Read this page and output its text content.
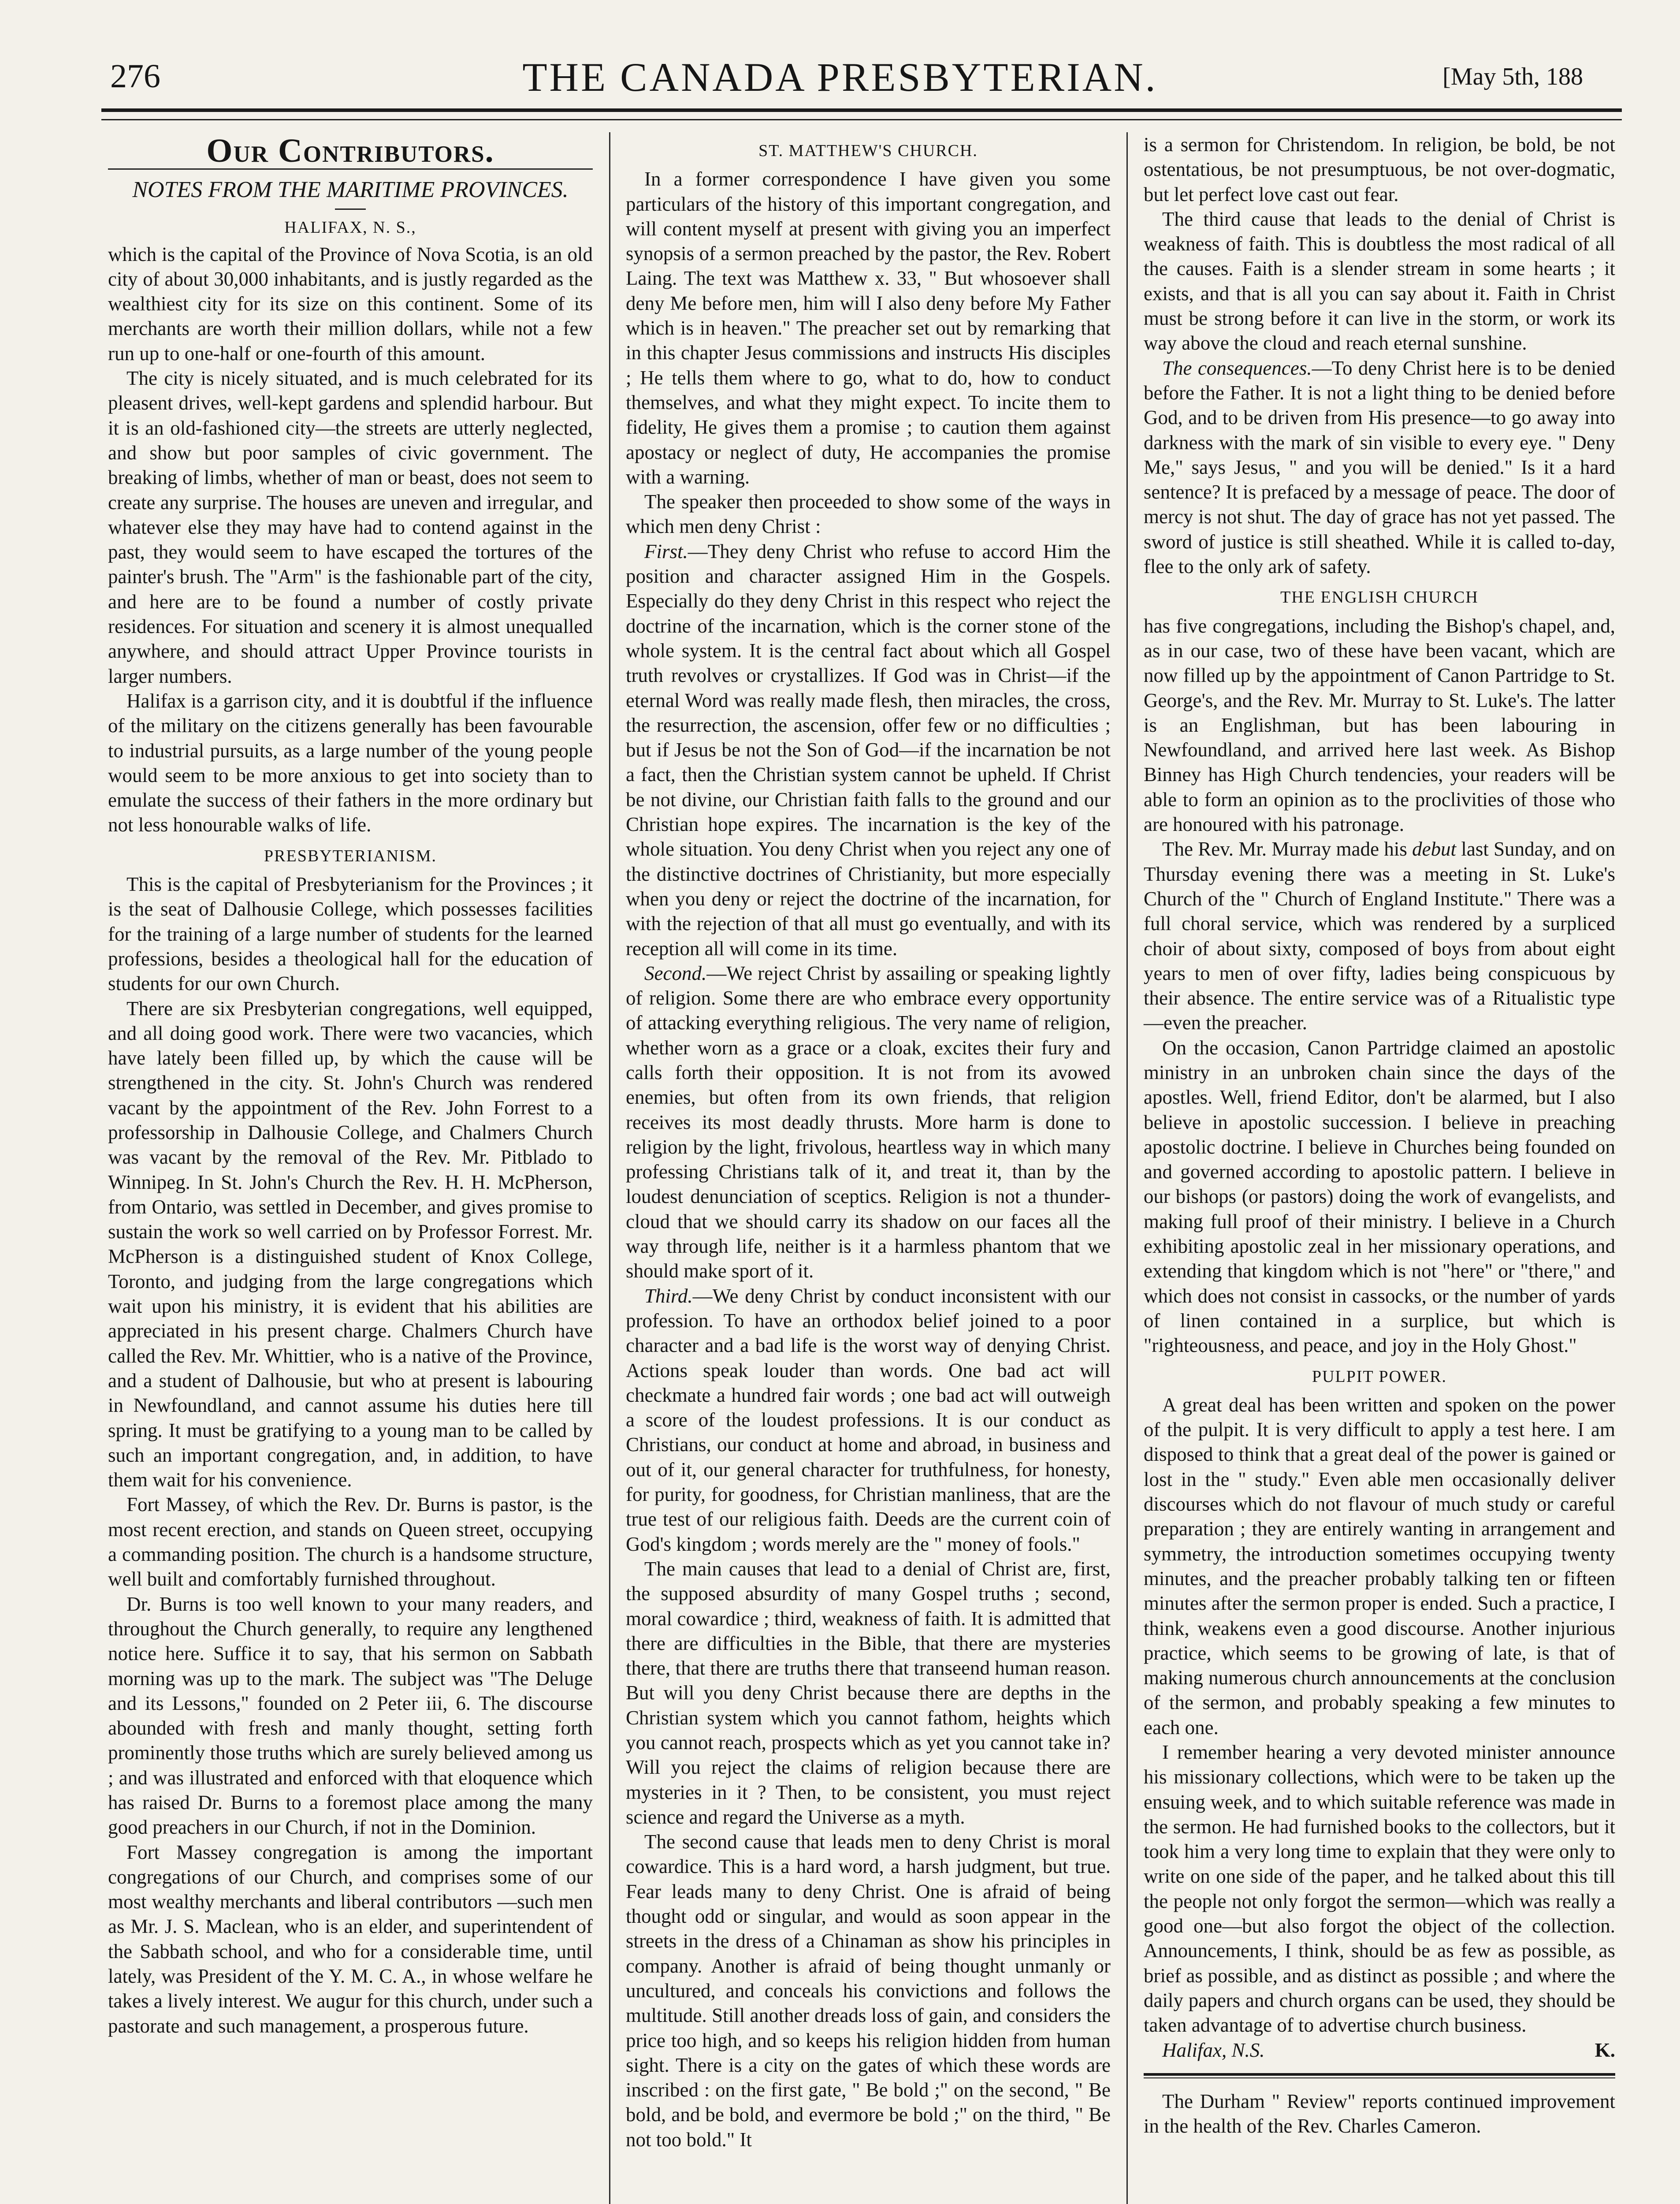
276	THE CANADA PRESBYTERIAN.	[May 5th, 188
Our Contributors.
NOTES FROM THE MARITIME PROVINCES.
HALIFAX, N. S.,

which is the capital of the Province of Nova Scotia, is an old city of about 30,000 inhabitants, and is justly regarded as the wealthiest city for its size on this continent. Some of its merchants are worth their million dollars, while not a few run up to one-half or one-fourth of this amount.

The city is nicely situated, and is much celebrated for its pleasent drives, well-kept gardens and splendid harbour. But it is an old-fashioned city—the streets are utterly neglected, and show but poor samples of civic government. The breaking of limbs, whether of man or beast, does not seem to create any surprise. The houses are uneven and irregular, and whatever else they may have had to contend against in the past, they would seem to have escaped the tortures of the painter's brush. The "Arm" is the fashionable part of the city, and here are to be found a number of costly private residences. For situation and scenery it is almost unequalled anywhere, and should attract Upper Province tourists in larger numbers.

Halifax is a garrison city, and it is doubtful if the influence of the military on the citizens generally has been favourable to industrial pursuits, as a large number of the young people would seem to be more anxious to get into society than to emulate the success of their fathers in the more ordinary but not less honourable walks of life.

PRESBYTERIANISM.

This is the capital of Presbyterianism for the Provinces ; it is the seat of Dalhousie College, which possesses facilities for the training of a large number of students for the learned professions, besides a theological hall for the education of students for our own Church.

There are six Presbyterian congregations, well equipped, and all doing good work. There were two vacancies, which have lately been filled up, by which the cause will be strengthened in the city. St. John's Church was rendered vacant by the appointment of the Rev. John Forrest to a professorship in Dalhousie College, and Chalmers Church was vacant by the removal of the Rev. Mr. Pitblado to Winnipeg. In St. John's Church the Rev. H. H. McPherson, from Ontario, was settled in December, and gives promise to sustain the work so well carried on by Professor Forrest. Mr. McPherson is a distinguished student of Knox College, Toronto, and judging from the large congregations which wait upon his ministry, it is evident that his abilities are appreciated in his present charge. Chalmers Church have called the Rev. Mr. Whittier, who is a native of the Province, and a student of Dalhousie, but who at present is labouring in Newfoundland, and cannot assume his duties here till spring. It must be gratifying to a young man to be called by such an important congregation, and, in addition, to have them wait for his convenience.

Fort Massey, of which the Rev. Dr. Burns is pastor, is the most recent erection, and stands on Queen street, occupying a commanding position. The church is a handsome structure, well built and comfortably furnished throughout.

Dr. Burns is too well known to your many readers, and throughout the Church generally, to require any lengthened notice here. Suffice it to say, that his sermon on Sabbath morning was up to the mark. The subject was "The Deluge and its Lessons," founded on 2 Peter iii, 6. The discourse abounded with fresh and manly thought, setting forth prominently those truths which are surely believed among us ; and was illustrated and enforced with that eloquence which has raised Dr. Burns to a foremost place among the many good preachers in our Church, if not in the Dominion.

Fort Massey congregation is among the important congregations of our Church, and comprises some of our most wealthy merchants and liberal contributors —such men as Mr. J. S. Maclean, who is an elder, and superintendent of the Sabbath school, and who for a considerable time, until lately, was President of the Y. M. C. A., in whose welfare he takes a lively interest. We augur for this church, under such a pastorate and such management, a prosperous future.

ST. MATTHEW'S CHURCH.

In a former correspondence I have given you some particulars of the history of this important congregation, and will content myself at present with giving you an imperfect synopsis of a sermon preached by the pastor, the Rev. Robert Laing. The text was Matthew x. 33, " But whosoever shall deny Me before men, him will I also deny before My Father which is in heaven." The preacher set out by remarking that in this chapter Jesus commissions and instructs His disciples ; He tells them where to go, what to do, how to conduct themselves, and what they might expect. To incite them to fidelity, He gives them a promise ; to caution them against apostacy or neglect of duty, He accompanies the promise with a warning.

The speaker then proceeded to show some of the ways in which men deny Christ :

First.—They deny Christ who refuse to accord Him the position and character assigned Him in the Gospels. Especially do they deny Christ in this respect who reject the doctrine of the incarnation, which is the corner stone of the whole system. It is the central fact about which all Gospel truth revolves or crystallizes. If God was in Christ—if the eternal Word was really made flesh, then miracles, the cross, the resurrection, the ascension, offer few or no difficulties ; but if Jesus be not the Son of God—if the incarnation be not a fact, then the Christian system cannot be upheld. If Christ be not divine, our Christian faith falls to the ground and our Christian hope expires. The incarnation is the key of the whole situation. You deny Christ when you reject any one of the distinctive doctrines of Christianity, but more especially when you deny or reject the doctrine of the incarnation, for with the rejection of that all must go eventually, and with its reception all will come in its time.

Second.—We reject Christ by assailing or speaking lightly of religion. Some there are who embrace every opportunity of attacking everything religious. The very name of religion, whether worn as a grace or a cloak, excites their fury and calls forth their opposition. It is not from its avowed enemies, but often from its own friends, that religion receives its most deadly thrusts. More harm is done to religion by the light, frivolous, heartless way in which many professing Christians talk of it, and treat it, than by the loudest denunciation of sceptics. Religion is not a thunder-cloud that we should carry its shadow on our faces all the way through life, neither is it a harmless phantom that we should make sport of it.

Third.—We deny Christ by conduct inconsistent with our profession. To have an orthodox belief joined to a poor character and a bad life is the worst way of denying Christ. Actions speak louder than words. One bad act will checkmate a hundred fair words ; one bad act will outweigh a score of the loudest professions. It is our conduct as Christians, our conduct at home and abroad, in business and out of it, our general character for truthfulness, for honesty, for purity, for goodness, for Christian manliness, that are the true test of our religious faith. Deeds are the current coin of God's kingdom ; words merely are the " money of fools."

The main causes that lead to a denial of Christ are, first, the supposed absurdity of many Gospel truths ; second, moral cowardice ; third, weakness of faith. It is admitted that there are difficulties in the Bible, that there are mysteries there, that there are truths there that transeend human reason. But will you deny Christ because there are depths in the Christian system which you cannot fathom, heights which you cannot reach, prospects which as yet you cannot take in? Will you reject the claims of religion because there are mysteries in it ? Then, to be consistent, you must reject science and regard the Universe as a myth.

The second cause that leads men to deny Christ is moral cowardice. This is a hard word, a harsh judgment, but true. Fear leads many to deny Christ. One is afraid of being thought odd or singular, and would as soon appear in the streets in the dress of a Chinaman as show his principles in company. Another is afraid of being thought unmanly or uncultured, and conceals his convictions and follows the multitude. Still another dreads loss of gain, and considers the price too high, and so keeps his religion hidden from human sight. There is a city on the gates of which these words are inscribed : on the first gate, " Be bold ;" on the second, " Be bold, and be bold, and evermore be bold ;" on the third, " Be not too bold." It

is a sermon for Christendom. In religion, be bold, be not ostentatious, be not presumptuous, be not over-dogmatic, but let perfect love cast out fear.

The third cause that leads to the denial of Christ is weakness of faith. This is doubtless the most radical of all the causes. Faith is a slender stream in some hearts ; it exists, and that is all you can say about it. Faith in Christ must be strong before it can live in the storm, or work its way above the cloud and reach eternal sunshine.

The consequences.—To deny Christ here is to be denied before the Father. It is not a light thing to be denied before God, and to be driven from His presence—to go away into darkness with the mark of sin visible to every eye. " Deny Me," says Jesus, " and you will be denied." Is it a hard sentence? It is prefaced by a message of peace. The door of mercy is not shut. The day of grace has not yet passed. The sword of justice is still sheathed. While it is called to-day, flee to the only ark of safety.

THE ENGLISH CHURCH

has five congregations, including the Bishop's chapel, and, as in our case, two of these have been vacant, which are now filled up by the appointment of Canon Partridge to St. George's, and the Rev. Mr. Murray to St. Luke's. The latter is an Englishman, but has been labouring in Newfoundland, and arrived here last week. As Bishop Binney has High Church tendencies, your readers will be able to form an opinion as to the proclivities of those who are honoured with his patronage.

The Rev. Mr. Murray made his debut last Sunday, and on Thursday evening there was a meeting in St. Luke's Church of the " Church of England Institute." There was a full choral service, which was rendered by a surpliced choir of about sixty, composed of boys from about eight years to men of over fifty, ladies being conspicuous by their absence. The entire service was of a Ritualistic type—even the preacher.

On the occasion, Canon Partridge claimed an apostolic ministry in an unbroken chain since the days of the apostles. Well, friend Editor, don't be alarmed, but I also believe in apostolic succession. I believe in preaching apostolic doctrine. I believe in Churches being founded on and governed according to apostolic pattern. I believe in our bishops (or pastors) doing the work of evangelists, and making full proof of their ministry. I believe in a Church exhibiting apostolic zeal in her missionary operations, and extending that kingdom which is not "here" or "there," and which does not consist in cassocks, or the number of yards of linen contained in a surplice, but which is "righteousness, and peace, and joy in the Holy Ghost."

PULPIT POWER.

A great deal has been written and spoken on the power of the pulpit. It is very difficult to apply a test here. I am disposed to think that a great deal of the power is gained or lost in the " study." Even able men occasionally deliver discourses which do not flavour of much study or careful preparation ; they are entirely wanting in arrangement and symmetry, the introduction sometimes occupying twenty minutes, and the preacher probably talking ten or fifteen minutes after the sermon proper is ended. Such a practice, I think, weakens even a good discourse. Another injurious practice, which seems to be growing of late, is that of making numerous church announcements at the conclusion of the sermon, and probably speaking a few minutes to each one.

I remember hearing a very devoted minister announce his missionary collections, which were to be taken up the ensuing week, and to which suitable reference was made in the sermon. He had furnished books to the collectors, but it took him a very long time to explain that they were only to write on one side of the paper, and he talked about this till the people not only forgot the sermon—which was really a good one—but also forgot the object of the collection. Announcements, I think, should be as few as possible, as brief as possible, and as distinct as possible ; and where the daily papers and church organs can be used, they should be taken advantage of to advertise church business.

Halifax, N.S.	K.

The Durham " Review" reports continued improvement in the health of the Rev. Charles Cameron.
